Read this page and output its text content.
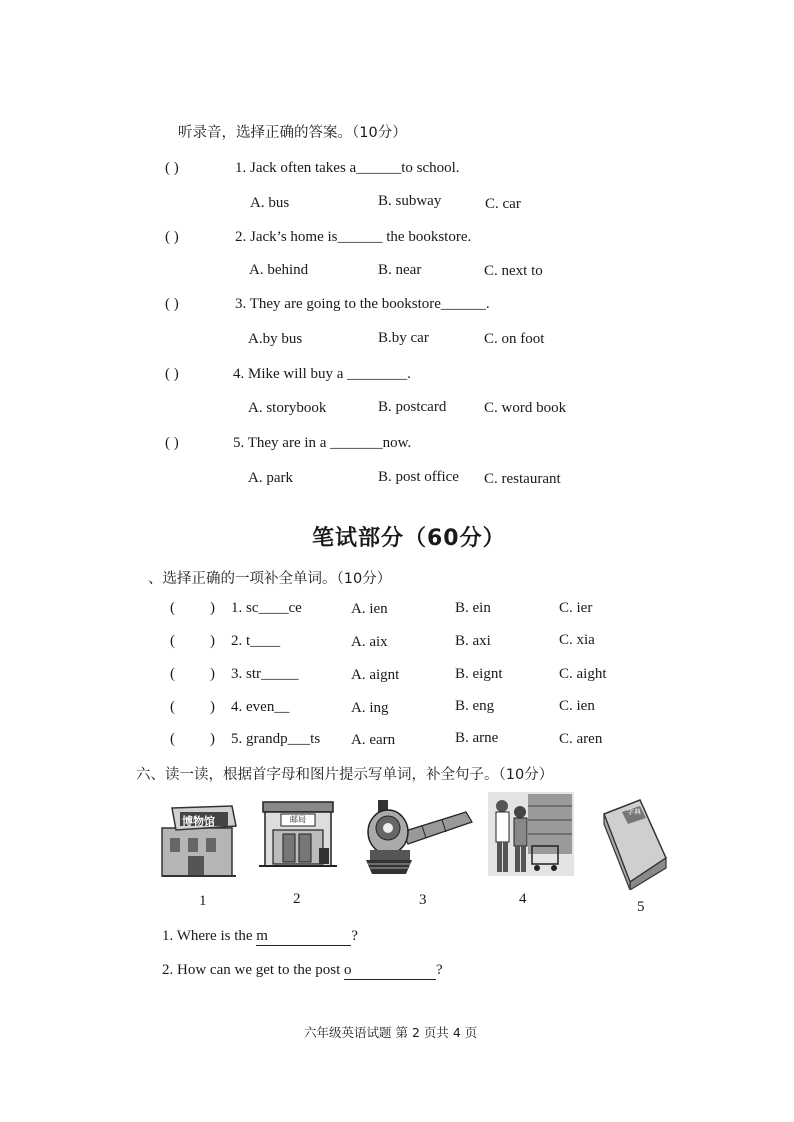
听录音，选择正确的答案。（10分）
( )	1. Jack often takes a______to school.
A. bus	B. subway	C. car
( )	2. Jack’s home is______ the bookstore.
A. behind	B. near	C. next to
( )	3. They are going to the bookstore______.
A.by bus	B.by car	C. on foot
( )	4. Mike will buy a ________.
A. storybook	B. postcard	C. word book
( )	5. They are in a _______now.
A. park	B. post office C. restaurant
笔试部分（60分）
、选择正确的一项补全单词。（10分）
( ) 1. sc____ce	A. ien	B. ein	C. ier
( ) 2. t____	A. aix	B. axi	C. xia
( ) 3. str_____	A. aignt	B. eignt	C. aight
( ) 4. even__	A. ing	B. eng	C. ien
( ) 5. grandp___ts A. earn	B. arne	C. aren
六、读一读，根据首字母和图片提示写单词，补全句子。（10分）
博物馆	邮局
字典
1	2	3	4	5
1. Where is the m	?
2. How can we get to the post o	?
六年级英语试题 第 2 页共 4 页
